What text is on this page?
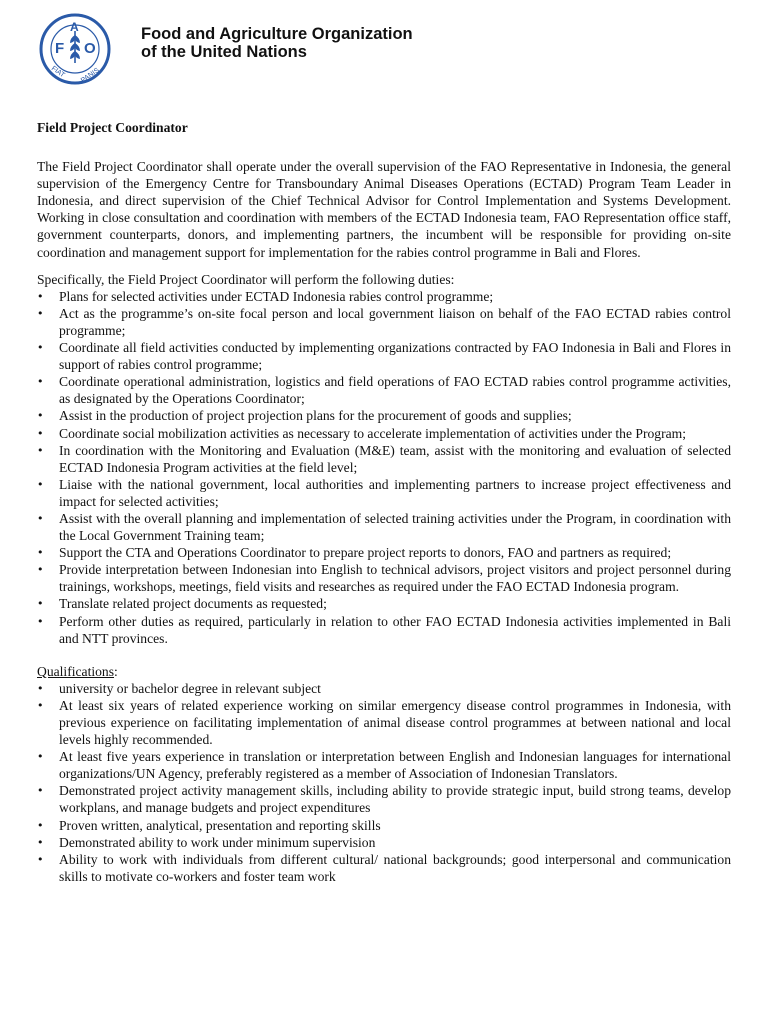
F O
A
FIAT PANIS
Food and Agriculture Organization
of the United Nations

Field Project Coordinator

The Field Project Coordinator shall operate under the overall supervision of the FAO Representative in Indonesia, the general supervision of the Emergency Centre for Transboundary Animal Diseases Operations (ECTAD) Program Team Leader in Indonesia, and direct supervision of the Chief Technical Advisor for Control Implementation and Systems Development. Working in close consultation and coordination with members of the ECTAD Indonesia team, FAO Representation office staff, government counterparts, donors, and implementing partners, the incumbent will be responsible for providing on-site coordination and management support for implementation for the rabies control programme in Bali and Flores.

Specifically, the Field Project Coordinator will perform the following duties:

•	Plans for selected activities under ECTAD Indonesia rabies control programme;
•	Act as the programme’s on-site focal person and local government liaison on behalf of the FAO ECTAD rabies control programme;
•	Coordinate all field activities conducted by implementing organizations contracted by FAO Indonesia in Bali and Flores in support of rabies control programme;
•	Coordinate operational administration, logistics and field operations of FAO ECTAD rabies control programme activities, as designated by the Operations Coordinator;
•	Assist in the production of project projection plans for the procurement of goods and supplies;
•	Coordinate social mobilization activities as necessary to accelerate implementation of activities under the Program;
•	In coordination with the Monitoring and Evaluation (M&E) team, assist with the monitoring and evaluation of selected ECTAD Indonesia Program activities at the field level;
•	Liaise with the national government, local authorities and implementing partners to increase project effectiveness and impact for selected activities;
•	Assist with the overall planning and implementation of selected training activities under the Program, in coordination with the Local Government Training team;
•	Support the CTA and Operations Coordinator to prepare project reports to donors, FAO and partners as required;
•	Provide interpretation between Indonesian into English to technical advisors, project visitors and project personnel during trainings, workshops, meetings, field visits and researches as required under the FAO ECTAD Indonesia program.
•	Translate related project documents as requested;
•	Perform other duties as required, particularly in relation to other FAO ECTAD Indonesia activities implemented in Bali and NTT provinces.

Qualifications:

•	university or bachelor degree in relevant subject
•	At least six years of related experience working on similar emergency disease control programmes in Indonesia, with previous experience on facilitating implementation of animal disease control programmes at between national and local levels highly recommended.
•	At least five years experience in translation or interpretation between English and Indonesian languages for international organizations/UN Agency, preferably registered as a member of Association of Indonesian Translators.
•	Demonstrated project activity management skills, including ability to provide strategic input, build strong teams, develop workplans, and manage budgets and project expenditures
•	Proven written, analytical, presentation and reporting skills
•	Demonstrated ability to work under minimum supervision
•	Ability to work with individuals from different cultural/ national backgrounds; good interpersonal and communication skills to motivate co-workers and foster team work
